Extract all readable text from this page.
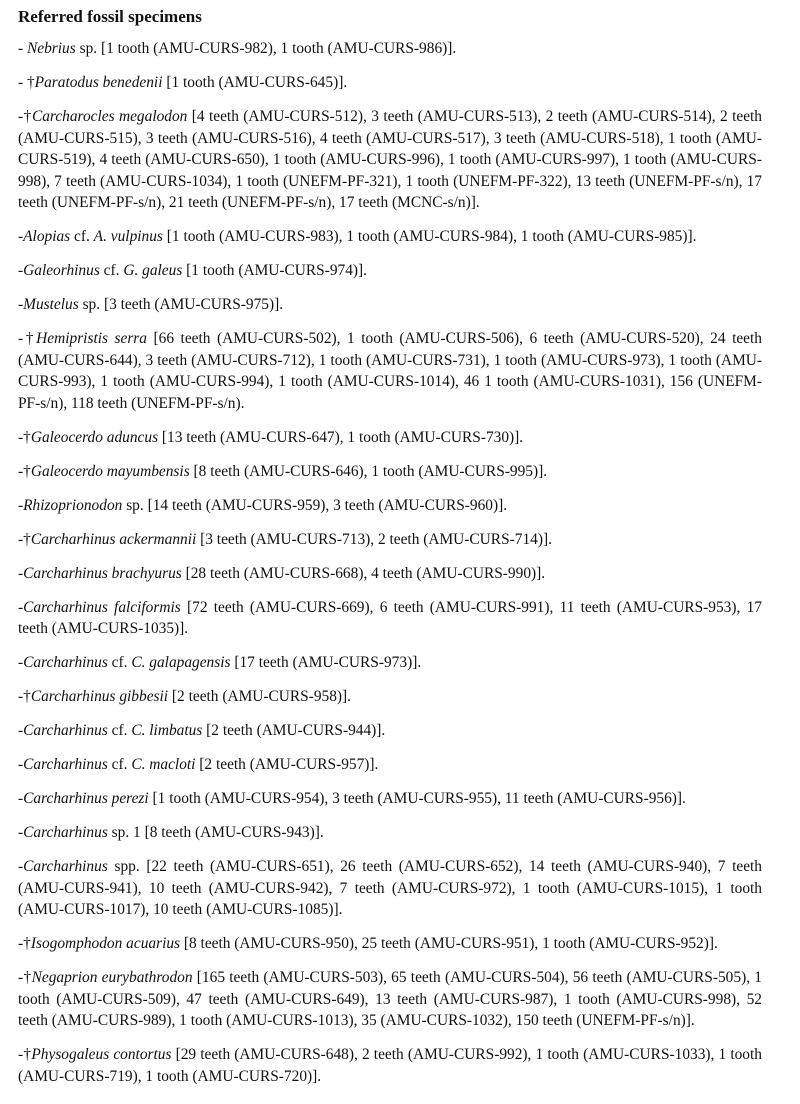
Referred fossil specimens

- Nebrius sp. [1 tooth (AMU-CURS-982), 1 tooth (AMU-CURS-986)].

- †Paratodus benedenii [1 tooth (AMU-CURS-645)].

-†Carcharocles megalodon [4 teeth (AMU-CURS-512), 3 teeth (AMU-CURS-513), 2 teeth (AMU-CURS-514), 2 teeth (AMU-CURS-515), 3 teeth (AMU-CURS-516), 4 teeth (AMU-CURS-517), 3 teeth (AMU-CURS-518), 1 tooth (AMU-CURS-519), 4 teeth (AMU-CURS-650), 1 tooth (AMU-CURS-996), 1 tooth (AMU-CURS-997), 1 tooth (AMU-CURS-998), 7 teeth (AMU-CURS-1034), 1 tooth (UNEFM-PF-321), 1 tooth (UNEFM-PF-322), 13 teeth (UNEFM-PF-s/n), 17 teeth (UNEFM-PF-s/n), 21 teeth (UNEFM-PF-s/n), 17 teeth (MCNC-s/n)].

-Alopias cf. A. vulpinus [1 tooth (AMU-CURS-983), 1 tooth (AMU-CURS-984), 1 tooth (AMU-CURS-985)].

-Galeorhinus cf. G. galeus [1 tooth (AMU-CURS-974)].

-Mustelus sp. [3 teeth (AMU-CURS-975)].

-†Hemipristis serra [66 teeth (AMU-CURS-502), 1 tooth (AMU-CURS-506), 6 teeth (AMU-CURS-520), 24 teeth (AMU-CURS-644), 3 teeth (AMU-CURS-712), 1 tooth (AMU-CURS-731), 1 tooth (AMU-CURS-973), 1 tooth (AMU-CURS-993), 1 tooth (AMU-CURS-994), 1 tooth (AMU-CURS-1014), 46 1 tooth (AMU-CURS-1031), 156 (UNEFM-PF-s/n), 118 teeth (UNEFM-PF-s/n).

-†Galeocerdo aduncus [13 teeth (AMU-CURS-647), 1 tooth (AMU-CURS-730)].

-†Galeocerdo mayumbensis [8 teeth (AMU-CURS-646), 1 tooth (AMU-CURS-995)].

-Rhizoprionodon sp. [14 teeth (AMU-CURS-959), 3 teeth (AMU-CURS-960)].

-†Carcharhinus ackermannii [3 teeth (AMU-CURS-713), 2 teeth (AMU-CURS-714)].

-Carcharhinus brachyurus [28 teeth (AMU-CURS-668), 4 teeth (AMU-CURS-990)].

-Carcharhinus falciformis [72 teeth (AMU-CURS-669), 6 teeth (AMU-CURS-991), 11 teeth (AMU-CURS-953), 17 teeth (AMU-CURS-1035)].

-Carcharhinus cf. C. galapagensis [17 teeth (AMU-CURS-973)].

-†Carcharhinus gibbesii [2 teeth (AMU-CURS-958)].

-Carcharhinus cf. C. limbatus [2 teeth (AMU-CURS-944)].

-Carcharhinus cf. C. macloti [2 teeth (AMU-CURS-957)].

-Carcharhinus perezi [1 tooth (AMU-CURS-954), 3 teeth (AMU-CURS-955), 11 teeth (AMU-CURS-956)].

-Carcharhinus sp. 1 [8 teeth (AMU-CURS-943)].

-Carcharhinus spp. [22 teeth (AMU-CURS-651), 26 teeth (AMU-CURS-652), 14 teeth (AMU-CURS-940), 7 teeth (AMU-CURS-941), 10 teeth (AMU-CURS-942), 7 teeth (AMU-CURS-972), 1 tooth (AMU-CURS-1015), 1 tooth (AMU-CURS-1017), 10 teeth (AMU-CURS-1085)].

-†Isogomphodon acuarius [8 teeth (AMU-CURS-950), 25 teeth (AMU-CURS-951), 1 tooth (AMU-CURS-952)].

-†Negaprion eurybathrodon [165 teeth (AMU-CURS-503), 65 teeth (AMU-CURS-504), 56 teeth (AMU-CURS-505), 1 tooth (AMU-CURS-509), 47 teeth (AMU-CURS-649), 13 teeth (AMU-CURS-987), 1 tooth (AMU-CURS-998), 52 teeth (AMU-CURS-989), 1 tooth (AMU-CURS-1013), 35 (AMU-CURS-1032), 150 teeth (UNEFM-PF-s/n)].

-†Physogaleus contortus [29 teeth (AMU-CURS-648), 2 teeth (AMU-CURS-992), 1 tooth (AMU-CURS-1033), 1 tooth (AMU-CURS-719), 1 tooth (AMU-CURS-720)].
